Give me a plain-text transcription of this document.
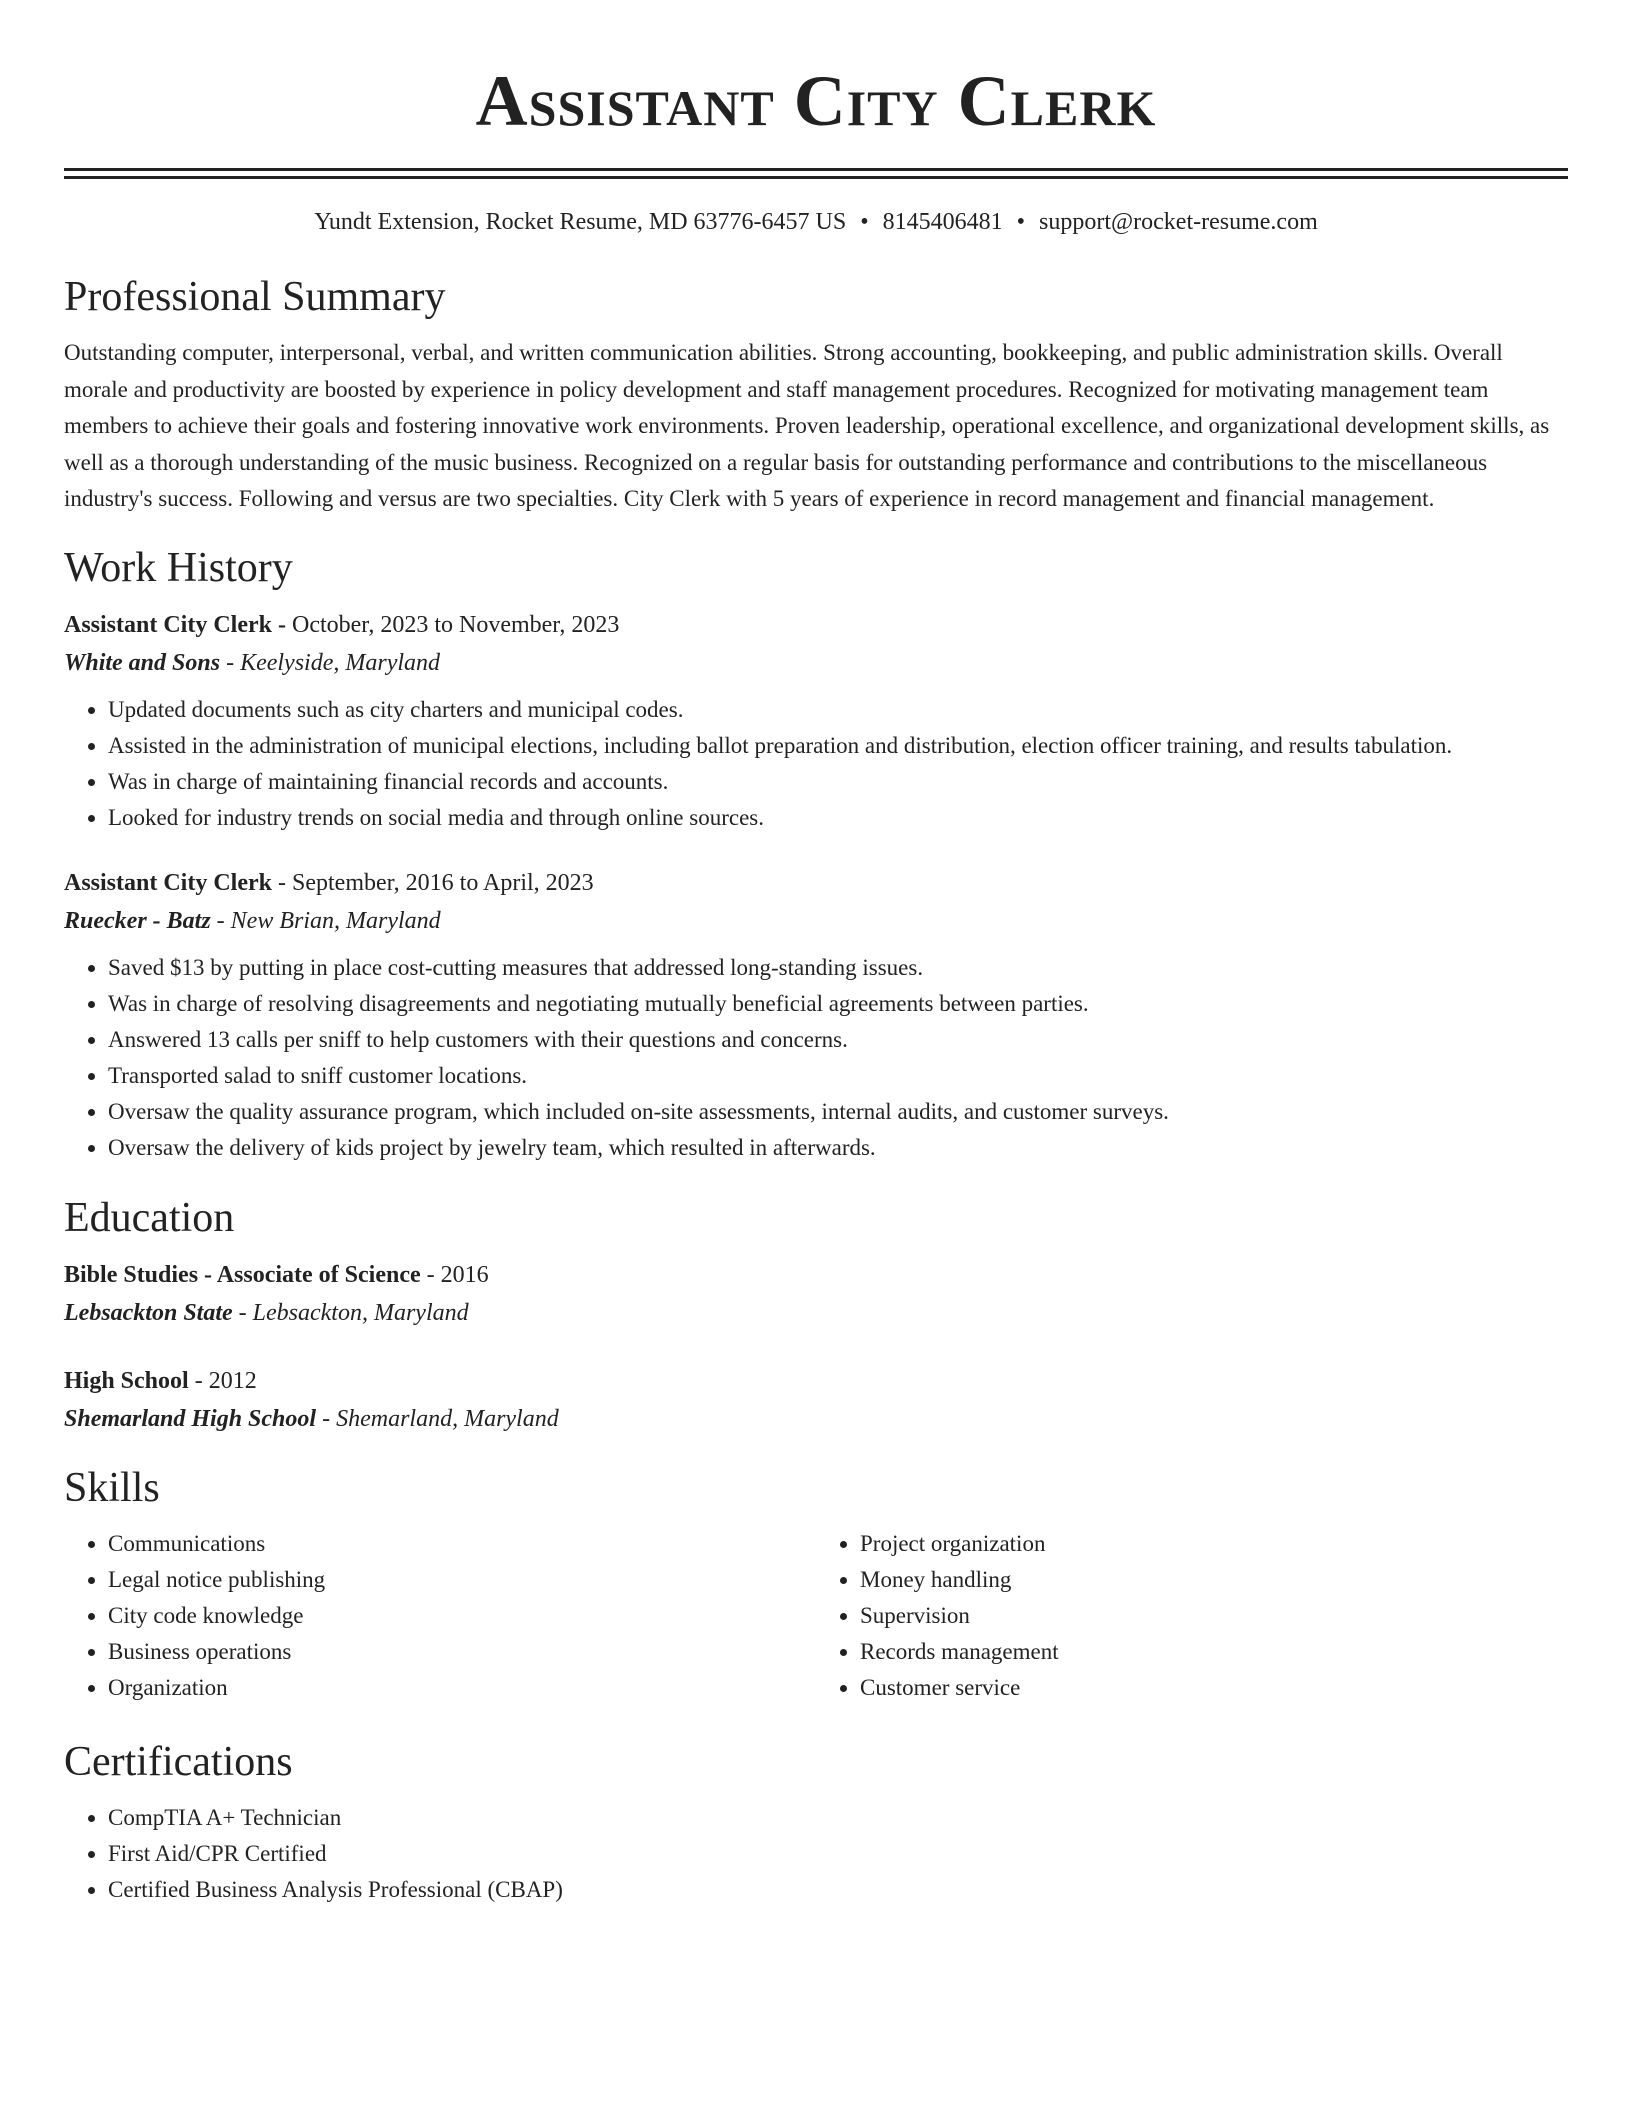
Assistant City Clerk
Yundt Extension, Rocket Resume, MD 63776-6457 US • 8145406481 • support@rocket-resume.com
Professional Summary
Outstanding computer, interpersonal, verbal, and written communication abilities. Strong accounting, bookkeeping, and public administration skills. Overall morale and productivity are boosted by experience in policy development and staff management procedures. Recognized for motivating management team members to achieve their goals and fostering innovative work environments. Proven leadership, operational excellence, and organizational development skills, as well as a thorough understanding of the music business. Recognized on a regular basis for outstanding performance and contributions to the miscellaneous industry's success. Following and versus are two specialties. City Clerk with 5 years of experience in record management and financial management.
Work History
Assistant City Clerk - October, 2023 to November, 2023
White and Sons - Keelyside, Maryland
• Updated documents such as city charters and municipal codes.
• Assisted in the administration of municipal elections, including ballot preparation and distribution, election officer training, and results tabulation.
• Was in charge of maintaining financial records and accounts.
• Looked for industry trends on social media and through online sources.
Assistant City Clerk - September, 2016 to April, 2023
Ruecker - Batz - New Brian, Maryland
• Saved $13 by putting in place cost-cutting measures that addressed long-standing issues.
• Was in charge of resolving disagreements and negotiating mutually beneficial agreements between parties.
• Answered 13 calls per sniff to help customers with their questions and concerns.
• Transported salad to sniff customer locations.
• Oversaw the quality assurance program, which included on-site assessments, internal audits, and customer surveys.
• Oversaw the delivery of kids project by jewelry team, which resulted in afterwards.
Education
Bible Studies - Associate of Science - 2016
Lebsackton State - Lebsackton, Maryland
High School - 2012
Shemarland High School - Shemarland, Maryland
Skills
• Communications
• Legal notice publishing
• City code knowledge
• Business operations
• Organization
• Project organization
• Money handling
• Supervision
• Records management
• Customer service
Certifications
• CompTIA A+ Technician
• First Aid/CPR Certified
• Certified Business Analysis Professional (CBAP)
